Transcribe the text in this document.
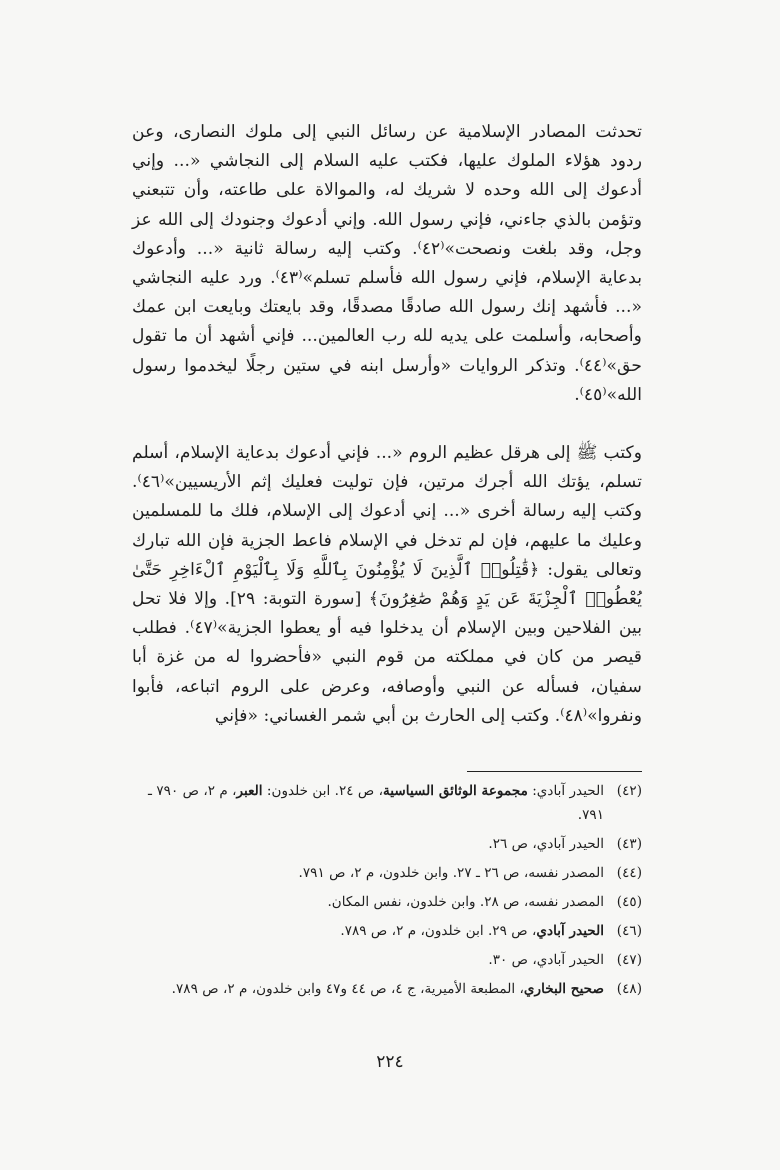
تحدثت المصادر الإسلامية عن رسائل النبي إلى ملوك النصارى، وعن ردود هؤلاء الملوك عليها، فكتب عليه السلام إلى النجاشي «... وإني أدعوك إلى الله وحده لا شريك له، والموالاة على طاعته، وأن تتبعني وتؤمن بالذي جاءني، فإني رسول الله. وإني أدعوك وجنودك إلى الله عز وجل، وقد بلغت ونصحت»⁽٤٢⁾. وكتب إليه رسالة ثانية «... وأدعوك بدعاية الإسلام، فإني رسول الله فأسلم تسلم»⁽٤٣⁾. ورد عليه النجاشي «... فأشهد إنك رسول الله صادقًا مصدقًا، وقد بايعتك وبايعت ابن عمك وأصحابه، وأسلمت على يديه لله رب العالمين... فإني أشهد أن ما تقول حق»⁽٤٤⁾. وتذكر الروايات «وأرسل ابنه في ستين رجلًا ليخدموا رسول الله»⁽٤٥⁾.

وكتب ﷺ إلى هرقل عظيم الروم «... فإني أدعوك بدعاية الإسلام، أسلم تسلم، يؤتك الله أجرك مرتين، فإن توليت فعليك إثم الأريسيين»⁽٤٦⁾. وكتب إليه رسالة أخرى «... إني أدعوك إلى الإسلام، فلك ما للمسلمين وعليك ما عليهم، فإن لم تدخل في الإسلام فاعط الجزية فإن الله تبارك وتعالى يقول: ﴿قَٰتِلُوا۟ ٱلَّذِينَ لَا يُؤْمِنُونَ بِٱللَّهِ وَلَا بِٱلْيَوْمِ ٱلْءَاخِرِ حَتَّىٰ يُعْطُوا۟ ٱلْجِزْيَةَ عَن يَدٍ وَهُمْ صَٰغِرُونَ﴾ [سورة التوبة: ٢٩]. وإلا فلا تحل بين الفلاحين وبين الإسلام أن يدخلوا فيه أو يعطوا الجزية»⁽٤٧⁾. فطلب قيصر من كان في مملكته من قوم النبي «فأحضروا له من غزة أبا سفيان، فسأله عن النبي وأوصافه، وعرض على الروم اتباعه، فأبوا ونفروا»⁽٤٨⁾. وكتب إلى الحارث بن أبي شمر الغساني: «فإني

(٤٢)
الحيدر آبادي: مجموعة الوثائق السياسية، ص ٢٤. ابن خلدون: العبر، م ٢، ص ٧٩٠ ـ ٧٩١.
(٤٣)
الحيدر آبادي، ص ٢٦.
(٤٤)
المصدر نفسه، ص ٢٦ ـ ٢٧. وابن خلدون، م ٢، ص ٧٩١.
(٤٥)
المصدر نفسه، ص ٢٨. وابن خلدون، نفس المكان.
(٤٦)
الحيدر آبادي، ص ٢٩. ابن خلدون، م ٢، ص ٧٨٩.
(٤٧)
الحيدر آبادي، ص ٣٠.
(٤٨)
صحيح البخاري، المطبعة الأميرية، ج ٤، ص ٤٤ و٤٧ وابن خلدون، م ٢، ص ٧٨٩.
٢٢٤
